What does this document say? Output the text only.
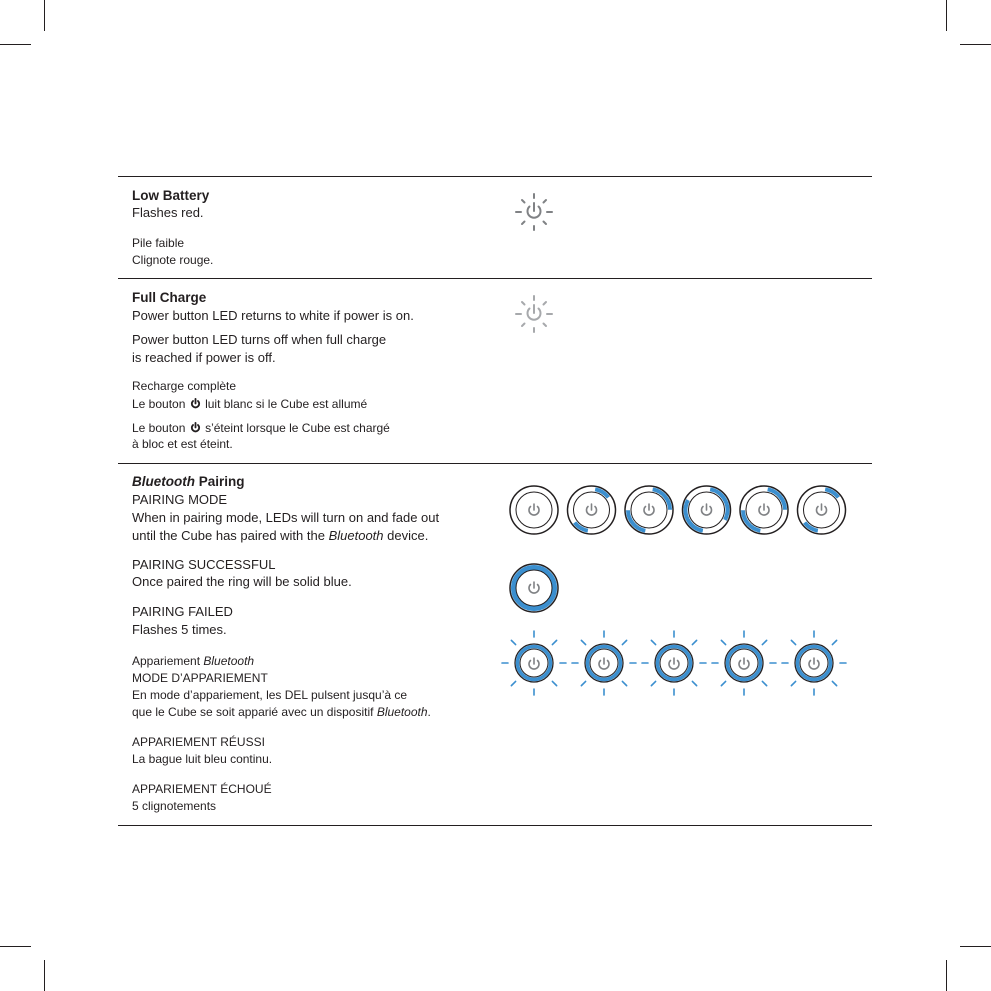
Low Battery
Flashes red.
Pile faible
Clignote rouge.
Full Charge
Power button LED returns to white if power is on.
Power button LED turns off when full charge
is reached if power is off.
Recharge complète
Le bouton luit blanc si le Cube est allumé
Le bouton s’éteint lorsque le Cube est chargé
à bloc et est éteint.
Bluetooth Pairing
PAIRING MODE
When in pairing mode, LEDs will turn on and fade out
until the Cube has paired with the Bluetooth device.
PAIRING SUCCESSFUL
Once paired the ring will be solid blue.
PAIRING FAILED
Flashes 5 times.
Appariement Bluetooth
MODE D’APPARIEMENT
En mode d’appariement, les DEL pulsent jusqu’à ce
que le Cube se soit apparié avec un dispositif Bluetooth.
APPARIEMENT RÉUSSI
La bague luit bleu continu.
APPARIEMENT ÉCHOUÉ
5 clignotements
